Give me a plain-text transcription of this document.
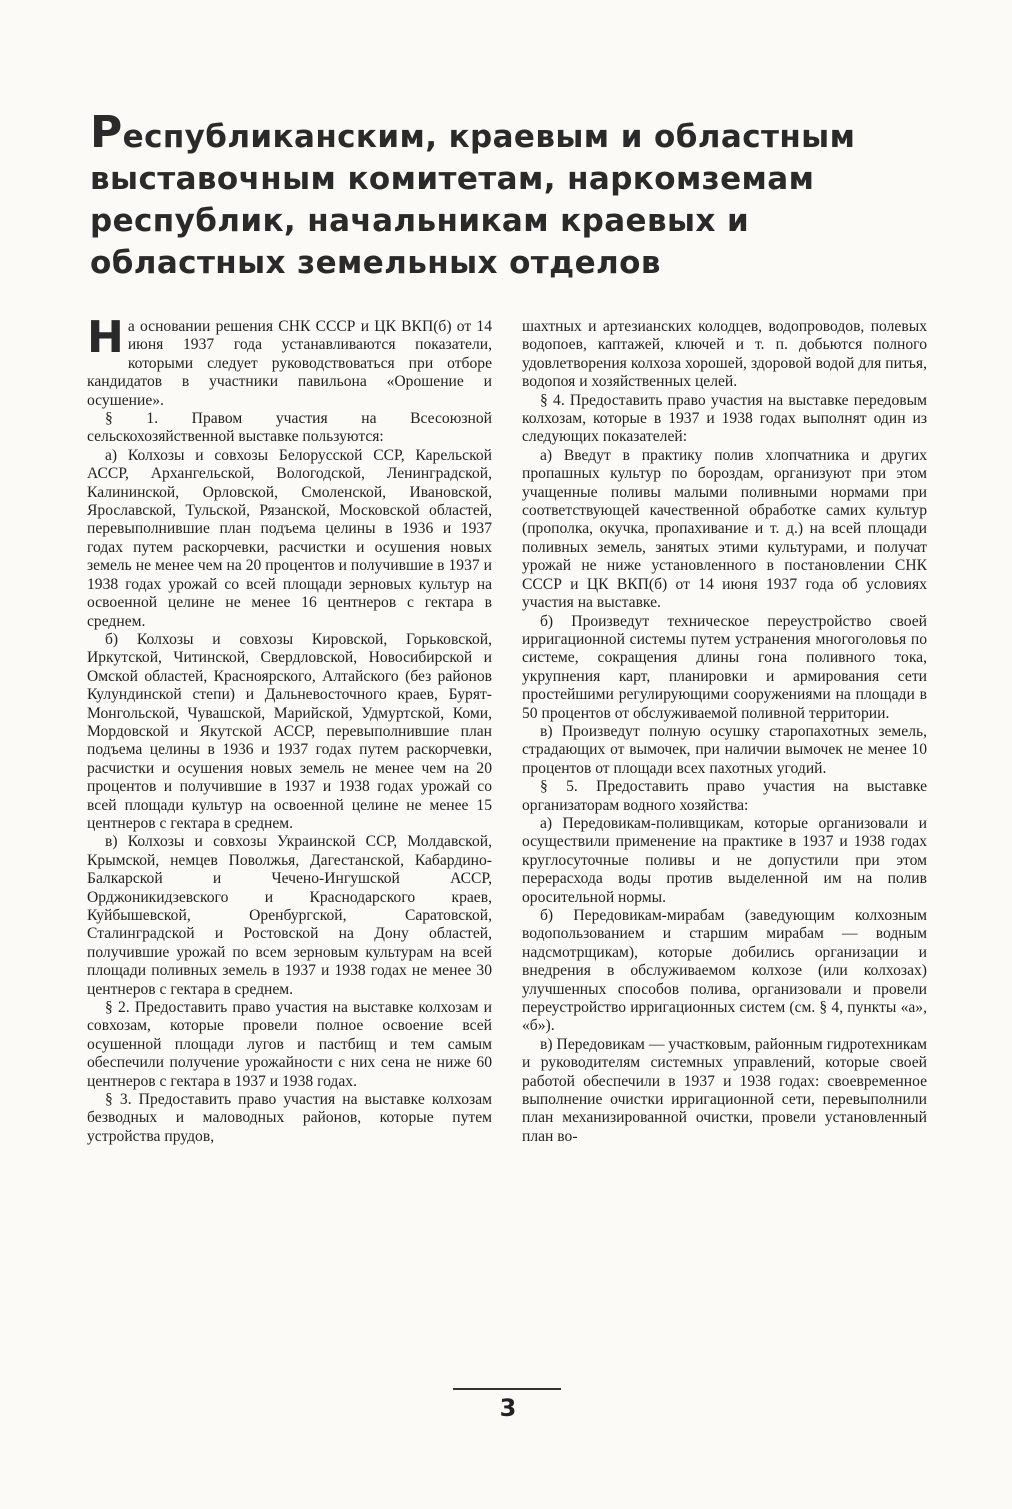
Республиканским, краевым и областным выставочным комитетам, наркомземам республик, начальникам краевых и областных земельных отделов

На основании решения СНК СССР и ЦК ВКП(б) от 14 июня 1937 года устанавливаются показатели, которыми следует руководствоваться при отборе кандидатов в участники павильона «Орошение и осушение».

§ 1. Правом участия на Всесоюзной сельскохозяйственной выставке пользуются:

а) Колхозы и совхозы Белорусской ССР, Карельской АССР, Архангельской, Вологодской, Ленинградской, Калининской, Орловской, Смоленской, Ивановской, Ярославской, Тульской, Рязанской, Московской областей, перевыполнившие план подъема целины в 1936 и 1937 годах путем раскорчевки, расчистки и осушения новых земель не менее чем на 20 процентов и получившие в 1937 и 1938 годах урожай со всей площади зерновых культур на освоенной целине не менее 16 центнеров с гектара в среднем.

б) Колхозы и совхозы Кировской, Горьковской, Иркутской, Читинской, Свердловской, Новосибирской и Омской областей, Красноярского, Алтайского (без районов Кулундинской степи) и Дальневосточного краев, Бурят-Монгольской, Чувашской, Марийской, Удмуртской, Коми, Мордовской и Якутской АССР, перевыполнившие план подъема целины в 1936 и 1937 годах путем раскорчевки, расчистки и осушения новых земель не менее чем на 20 процентов и получившие в 1937 и 1938 годах урожай со всей площади культур на освоенной целине не менее 15 центнеров с гектара в среднем.

в) Колхозы и совхозы Украинской ССР, Молдавской, Крымской, немцев Поволжья, Дагестанской, Кабардино-Балкарской и Чечено-Ингушской АССР, Орджоникидзевского и Краснодарского краев, Куйбышевской, Оренбургской, Саратовской, Сталинградской и Ростовской на Дону областей, получившие урожай по всем зерновым культурам на всей площади поливных земель в 1937 и 1938 годах не менее 30 центнеров с гектара в среднем.

§ 2. Предоставить право участия на выставке колхозам и совхозам, которые провели полное освоение всей осушенной площади лугов и пастбищ и тем самым обеспечили получение урожайности с них сена не ниже 60 центнеров с гектара в 1937 и 1938 годах.

§ 3. Предоставить право участия на выставке колхозам безводных и маловодных районов, которые путем устройства прудов,

шахтных и артезианских колодцев, водопроводов, полевых водопоев, каптажей, ключей и т. п. добьются полного удовлетворения колхоза хорошей, здоровой водой для питья, водопоя и хозяйственных целей.

§ 4. Предоставить право участия на выставке передовым колхозам, которые в 1937 и 1938 годах выполнят один из следующих показателей:

а) Введут в практику полив хлопчатника и других пропашных культур по бороздам, организуют при этом учащенные поливы малыми поливными нормами при соответствующей качественной обработке самих культур (прополка, окучка, пропахивание и т. д.) на всей площади поливных земель, занятых этими культурами, и получат урожай не ниже установленного в постановлении СНК СССР и ЦК ВКП(б) от 14 июня 1937 года об условиях участия на выставке.

б) Произведут техническое переустройство своей ирригационной системы путем устранения многоголовья по системе, сокращения длины гона поливного тока, укрупнения карт, планировки и армирования сети простейшими регулирующими сооружениями на площади в 50 процентов от обслуживаемой поливной территории.

в) Произведут полную осушку старопахотных земель, страдающих от вымочек, при наличии вымочек не менее 10 процентов от площади всех пахотных угодий.

§ 5. Предоставить право участия на выставке организаторам водного хозяйства:

а) Передовикам-поливщикам, которые организовали и осуществили применение на практике в 1937 и 1938 годах круглосуточные поливы и не допустили при этом перерасхода воды против выделенной им на полив оросительной нормы.

б) Передовикам-мирабам (заведующим колхозным водопользованием и старшим мирабам — водным надсмотрщикам), которые добились организации и внедрения в обслуживаемом колхозе (или колхозах) улучшенных способов полива, организовали и провели переустройство ирригационных систем (см. § 4, пункты «а», «б»).

в) Передовикам — участковым, районным гидротехникам и руководителям системных управлений, которые своей работой обеспечили в 1937 и 1938 годах: своевременное выполнение очистки ирригационной сети, перевыполнили план механизированной очистки, провели установленный план во-

3
